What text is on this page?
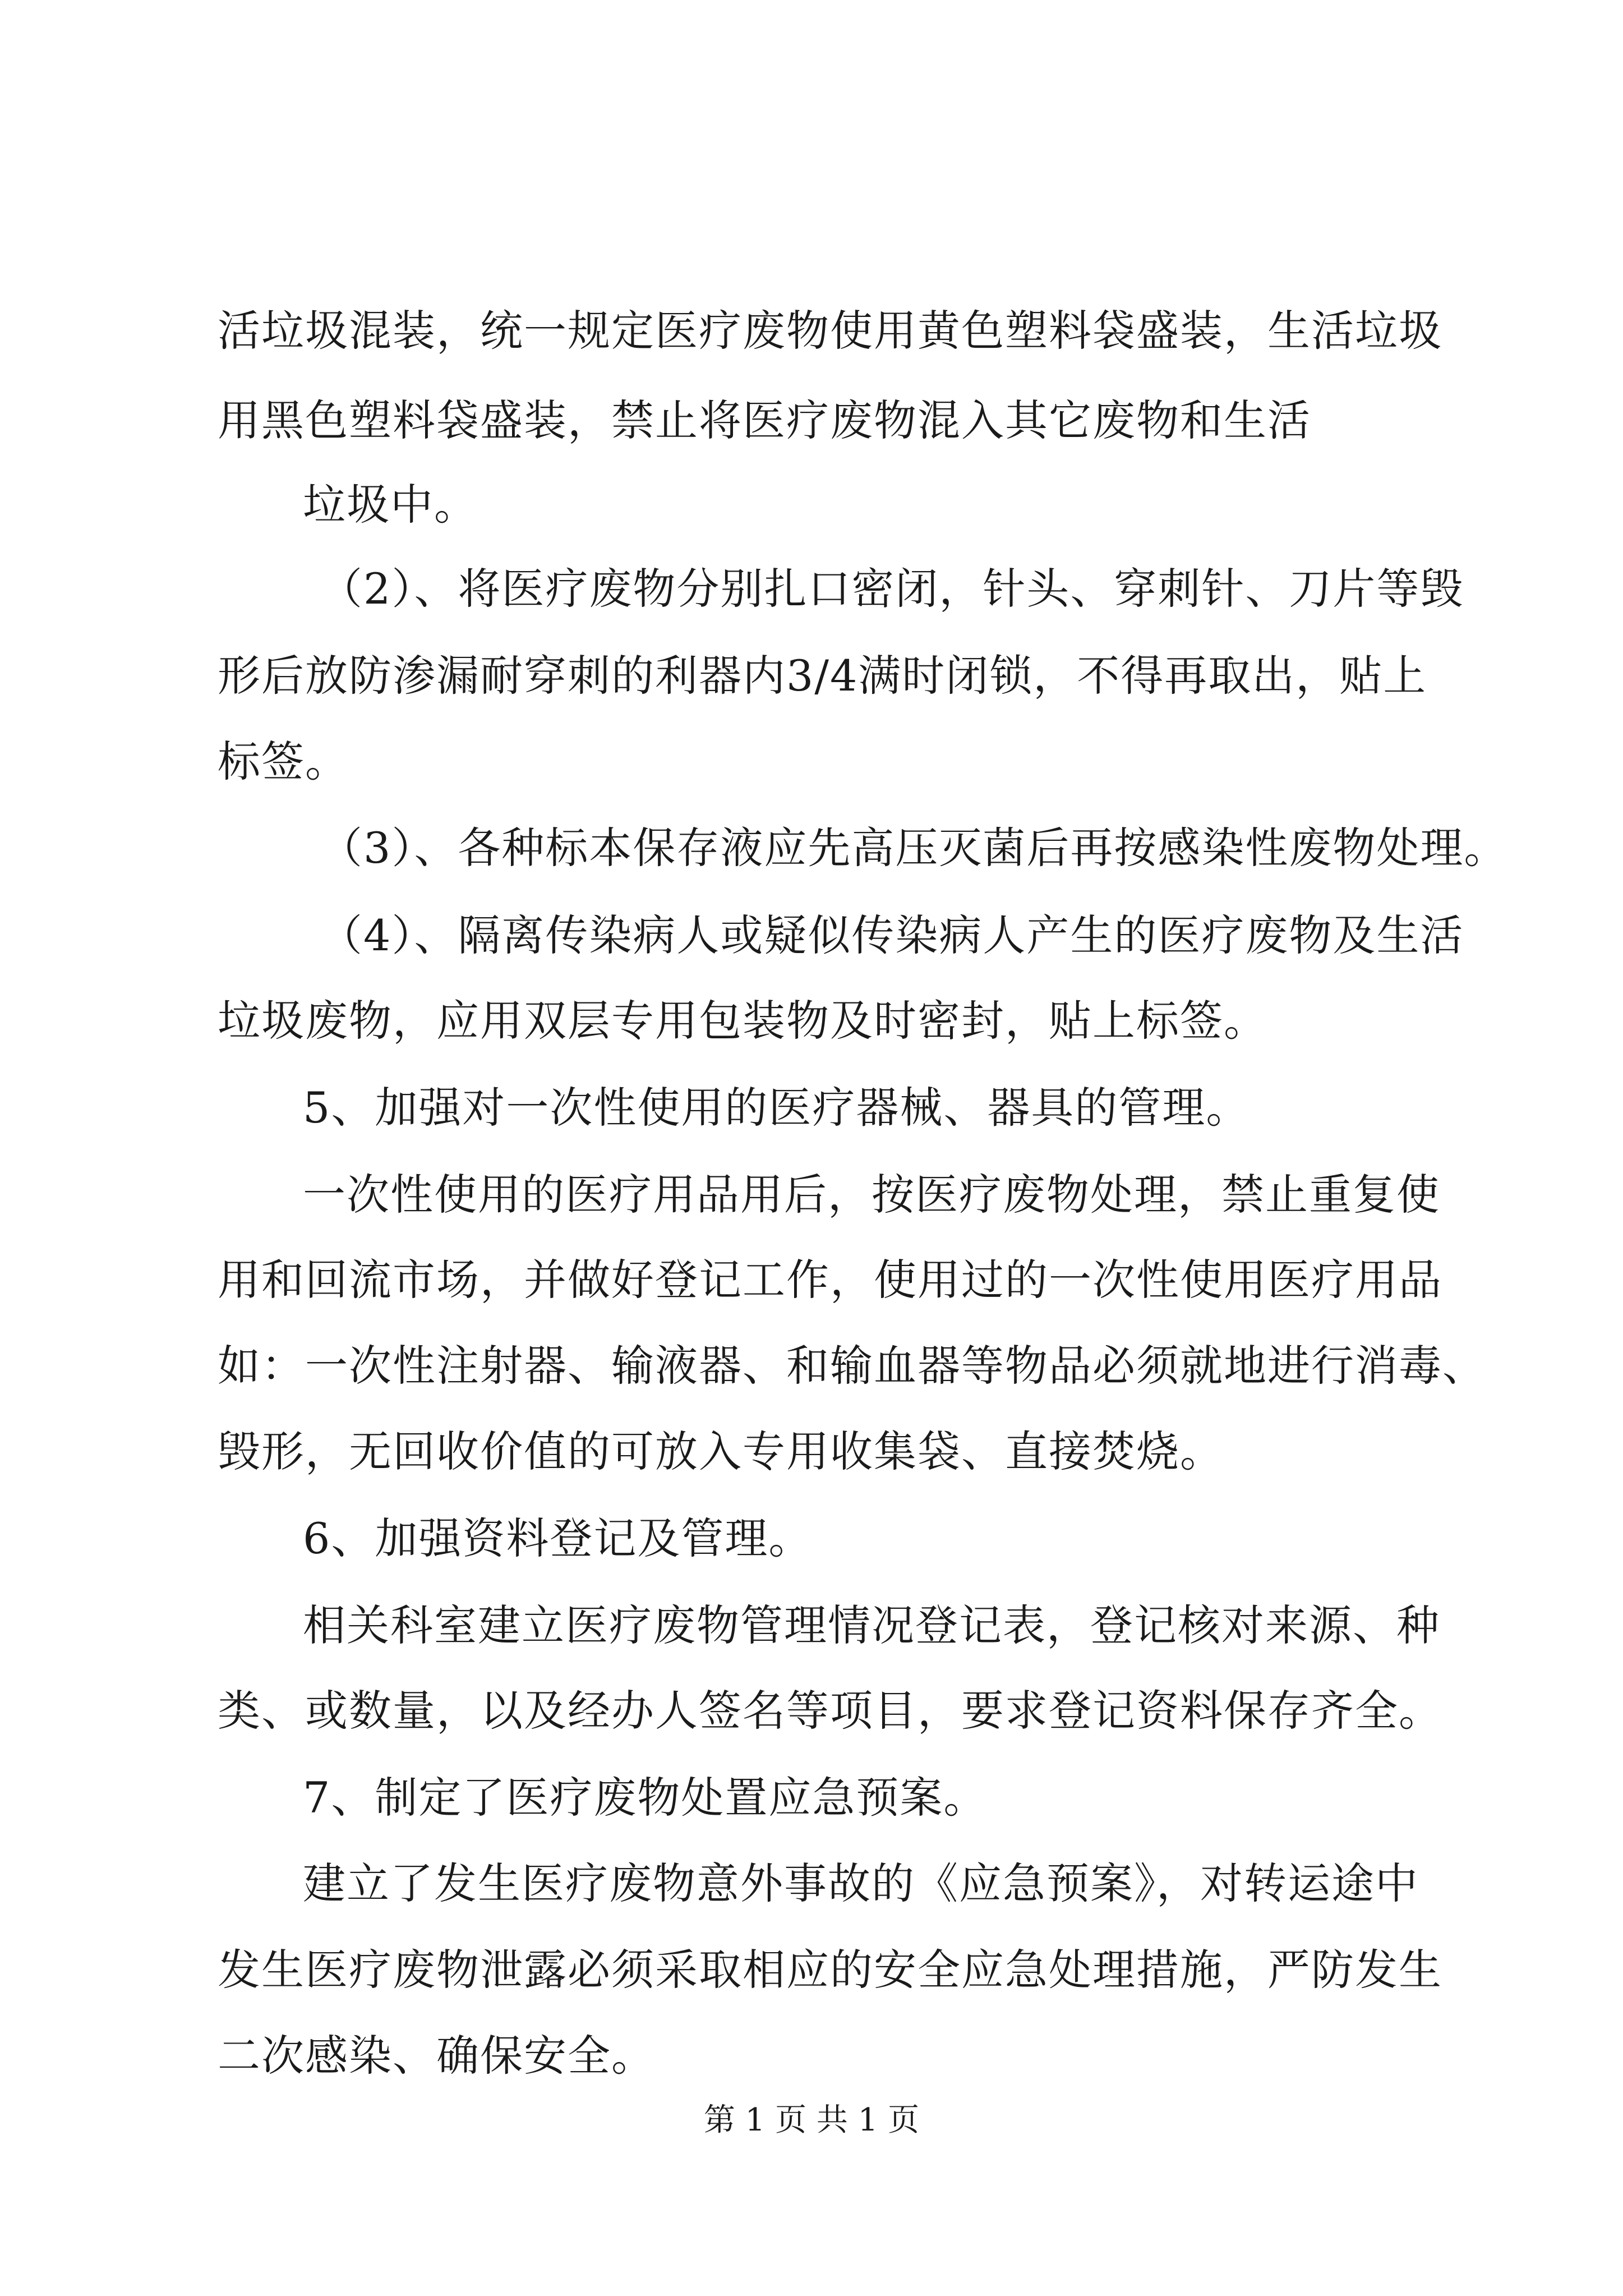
活垃圾混装，统一规定医疗废物使用黄色塑料袋盛装，生活垃圾
用黑色塑料袋盛装，禁止将医疗废物混入其它废物和生活
垃圾中。
（2）、将医疗废物分别扎口密闭，针头、穿刺针、刀片等毁
形后放防渗漏耐穿刺的利器内3/4满时闭锁，不得再取出，贴上
标签。
（3）、各种标本保存液应先高压灭菌后再按感染性废物处理。
（4）、隔离传染病人或疑似传染病人产生的医疗废物及生活
垃圾废物，应用双层专用包装物及时密封，贴上标签。
5、加强对一次性使用的医疗器械、器具的管理。
一次性使用的医疗用品用后，按医疗废物处理，禁止重复使
用和回流市场，并做好登记工作，使用过的一次性使用医疗用品
如：一次性注射器、输液器、和输血器等物品必须就地进行消毒、
毁形，无回收价值的可放入专用收集袋、直接焚烧。
6、加强资料登记及管理。
相关科室建立医疗废物管理情况登记表，登记核对来源、种
类、或数量，以及经办人签名等项目，要求登记资料保存齐全。
7、制定了医疗废物处置应急预案。
建立了发生医疗废物意外事故的《应急预案》，对转运途中
发生医疗废物泄露必须采取相应的安全应急处理措施，严防发生
二次感染、确保安全。
第 1 页 共 1 页
